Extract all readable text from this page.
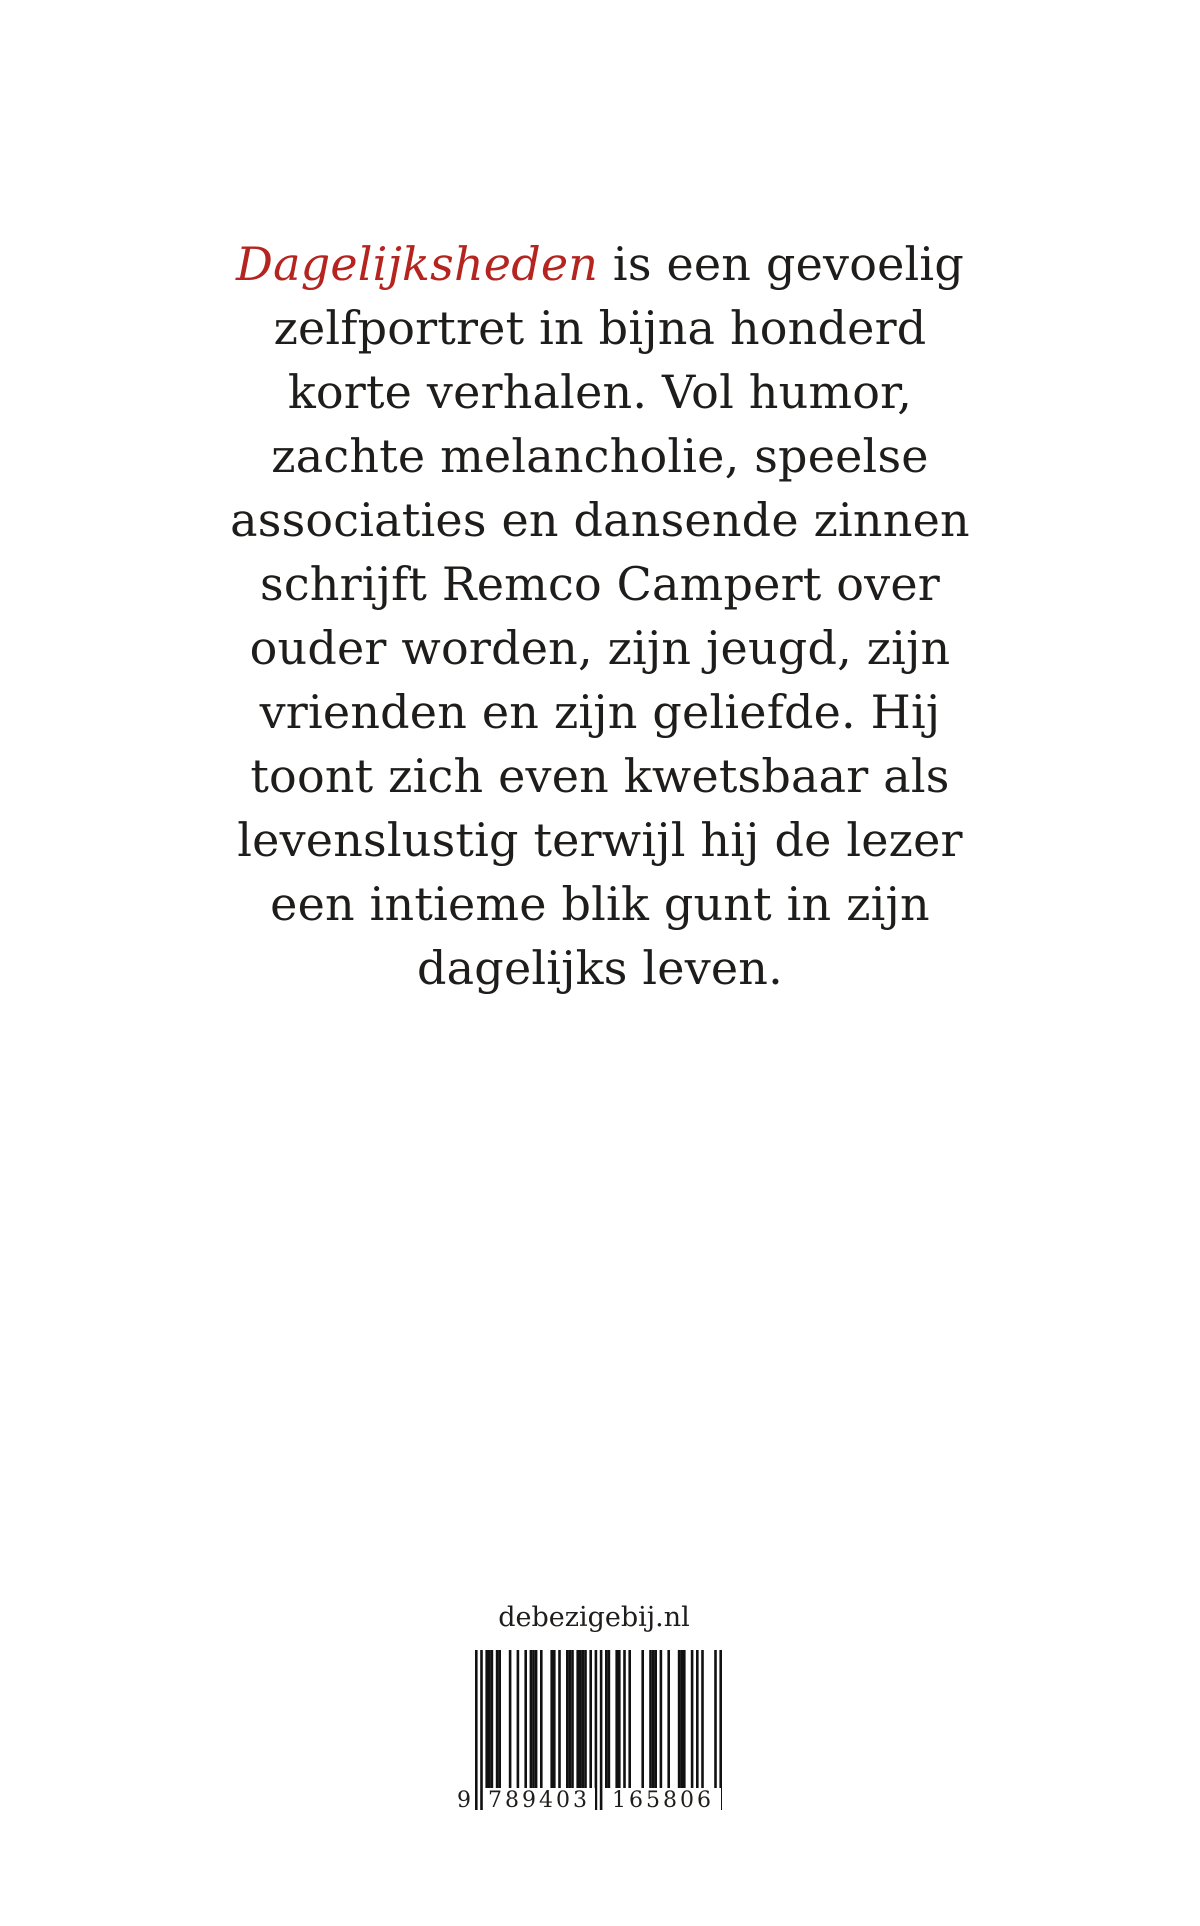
Dagelijksheden is een gevoelig
zelfportret in bijna honderd
korte verhalen. Vol humor,
zachte melancholie, speelse
associaties en dansende zinnen
schrijft Remco Campert over
ouder worden, zijn jeugd, zijn
vrienden en zijn geliefde. Hij
toont zich even kwetsbaar als
levenslustig terwijl hij de lezer
een intieme blik gunt in zijn
dagelijks leven.

debezigebij.nl
9 789403	165806
